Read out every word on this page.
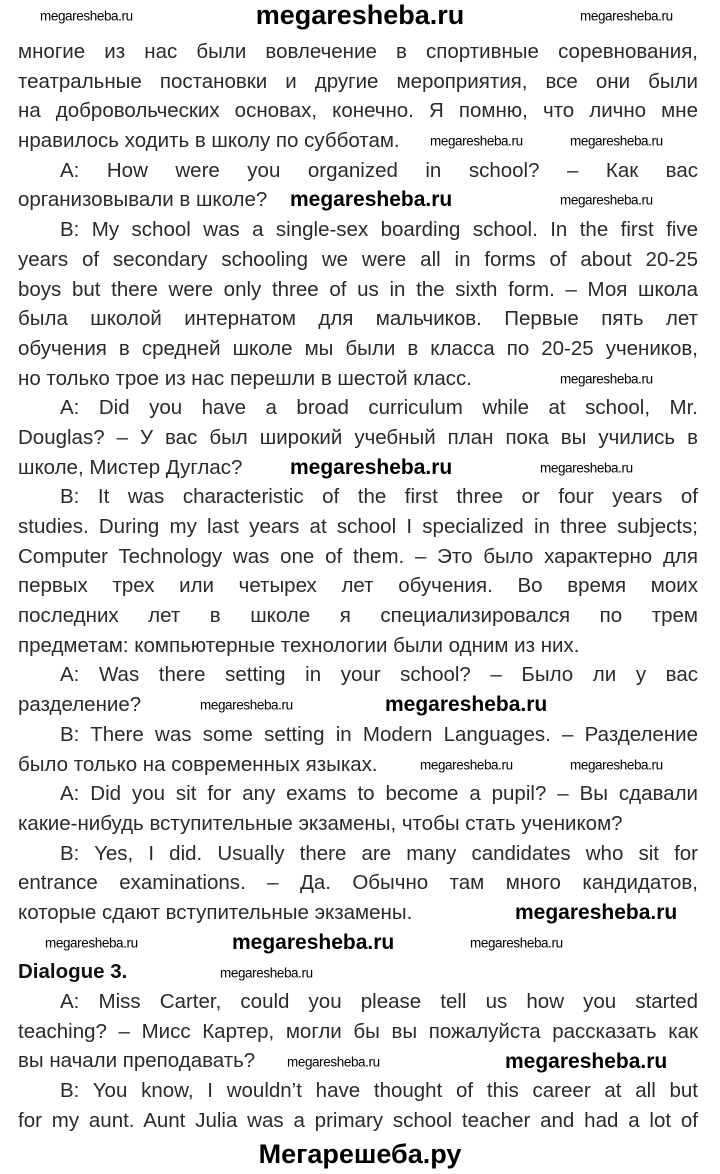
megaresheba.ru
многие из нас были вовлечение в спортивные соревнования,
театральные постановки и другие мероприятия, все они были
на добровольческих основах, конечно. Я помню, что лично мне
нравилось ходить в школу по субботам.
A: How were you organized in school? – Как вас
организовывали в школе?
B: My school was a single-sex boarding school. In the first five
years of secondary schooling we were all in forms of about 20-25
boys but there were only three of us in the sixth form. – Моя школа
была школой интернатом для мальчиков. Первые пять лет
обучения в средней школе мы были в класса по 20-25 учеников,
но только трое из нас перешли в шестой класс.
A: Did you have a broad curriculum while at school, Mr.
Douglas? – У вас был широкий учебный план пока вы учились в
школе, Мистер Дуглас?
B: It was characteristic of the first three or four years of
studies. During my last years at school I specialized in three subjects;
Computer Technology was one of them. – Это было характерно для
первых трех или четырех лет обучения. Во время моих
последних лет в школе я специализировался по трем
предметам: компьютерные технологии были одним из них.
A: Was there setting in your school? – Было ли у вас
разделение?
B: There was some setting in Modern Languages. – Разделение
было только на современных языках.
A: Did you sit for any exams to become a pupil? – Вы сдавали
какие-нибудь вступительные экзамены, чтобы стать учеником?
B: Yes, I did. Usually there are many candidates who sit for
entrance examinations. – Да. Обычно там много кандидатов,
которые сдают вступительные экзамены.
Dialogue 3.
A: Miss Carter, could you please tell us how you started
teaching? – Мисс Картер, могли бы вы пожалуйста рассказать как
вы начали преподавать?
B: You know, I wouldn’t have thought of this career at all but
for my aunt. Aunt Julia was a primary school teacher and had a lot of
megaresheba.ru	megaresheba.ru
megaresheba.ru	megaresheba.ru
megaresheba.ru	megaresheba.ru
megaresheba.ru
megaresheba.ru	megaresheba.ru
megaresheba.ru	megaresheba.ru
megaresheba.ru	megaresheba.ru
megaresheba.ru
megaresheba.ru	megaresheba.ru	megaresheba.ru
megaresheba.ru
megaresheba.ru	megaresheba.ru
Мегарешеба.ру
